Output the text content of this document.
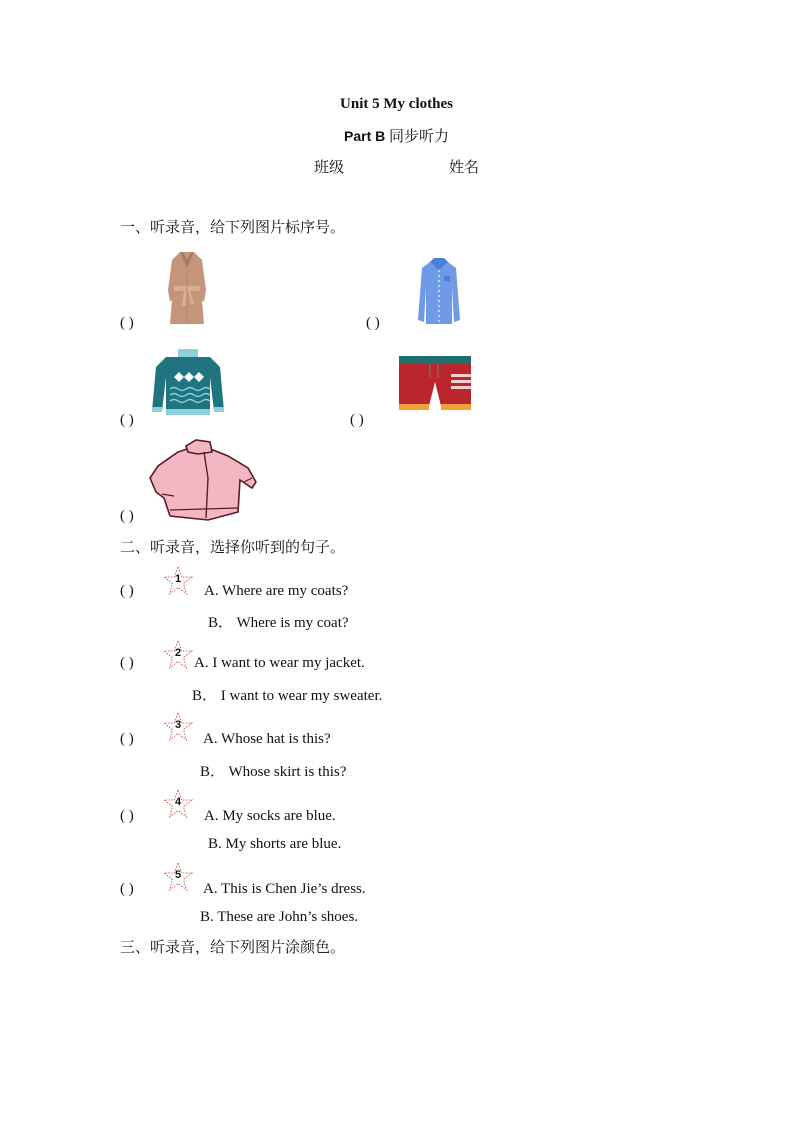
Unit 5 My clothes
Part B 同步听力
班级	姓名
一、听录音，给下列图片标序号。
( )	( )
( )	( )
( )
二、听录音，选择你听到的句子。
( )
1
A. Where are my coats?
B． Where is my coat?
( )
2
A. I want to wear my jacket.
B． I want to wear my sweater.
( )
3
A. Whose hat is this?
B． Whose skirt is this?
( )
4
A. My socks are blue.
B. My shorts are blue.
( )
5
A. This is Chen Jie’s dress.
B. These are John’s shoes.
三、听录音，给下列图片涂颜色。
